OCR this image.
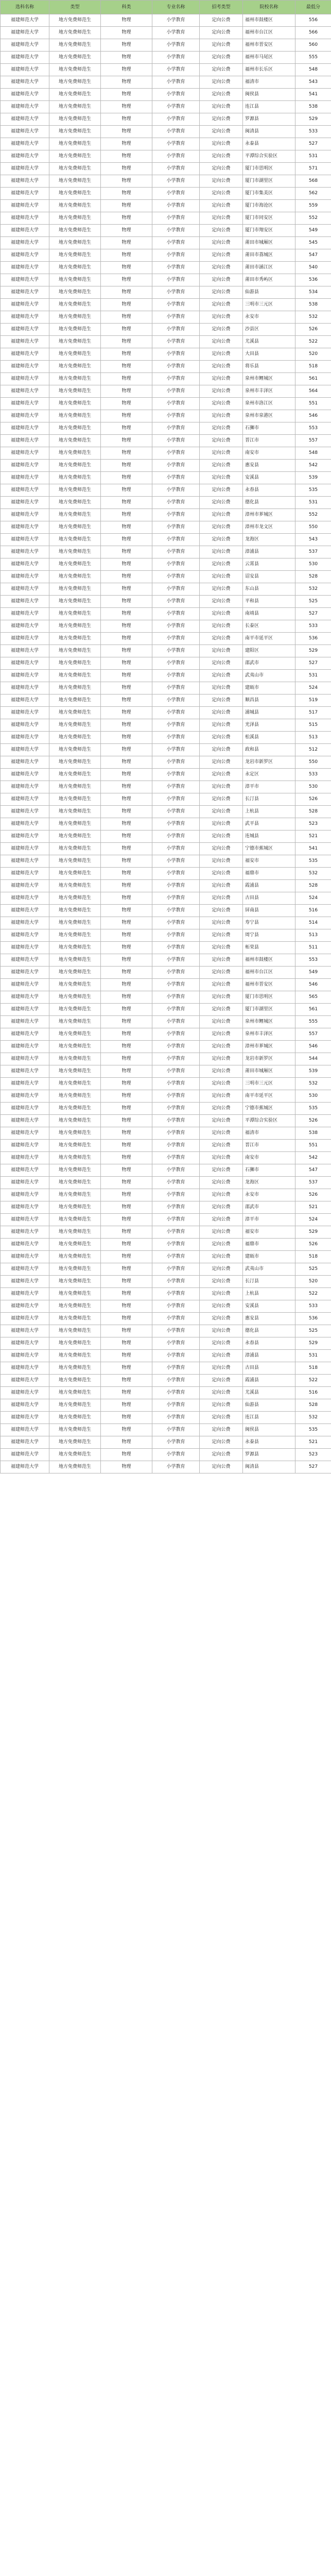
选科名称	类型	科类	专业名称	招考类型	院校名称	最低分
福建师范大学	地方免费师范生	物理	小学教育	定向公费	福州市鼓楼区	556
福建师范大学	地方免费师范生	物理	小学教育	定向公费	福州市台江区	566
福建师范大学	地方免费师范生	物理	小学教育	定向公费	福州市晋安区	560
福建师范大学	地方免费师范生	物理	小学教育	定向公费	福州市马尾区	555
福建师范大学	地方免费师范生	物理	小学教育	定向公费	福州市长乐区	548
福建师范大学	地方免费师范生	物理	小学教育	定向公费	福清市	543
福建师范大学	地方免费师范生	物理	小学教育	定向公费	闽侯县	541
福建师范大学	地方免费师范生	物理	小学教育	定向公费	连江县	538
福建师范大学	地方免费师范生	物理	小学教育	定向公费	罗源县	529
福建师范大学	地方免费师范生	物理	小学教育	定向公费	闽清县	533
福建师范大学	地方免费师范生	物理	小学教育	定向公费	永泰县	527
福建师范大学	地方免费师范生	物理	小学教育	定向公费	平潭综合实验区	531
福建师范大学	地方免费师范生	物理	小学教育	定向公费	厦门市思明区	571
福建师范大学	地方免费师范生	物理	小学教育	定向公费	厦门市湖里区	568
福建师范大学	地方免费师范生	物理	小学教育	定向公费	厦门市集美区	562
福建师范大学	地方免费师范生	物理	小学教育	定向公费	厦门市海沧区	559
福建师范大学	地方免费师范生	物理	小学教育	定向公费	厦门市同安区	552
福建师范大学	地方免费师范生	物理	小学教育	定向公费	厦门市翔安区	549
福建师范大学	地方免费师范生	物理	小学教育	定向公费	莆田市城厢区	545
福建师范大学	地方免费师范生	物理	小学教育	定向公费	莆田市荔城区	547
福建师范大学	地方免费师范生	物理	小学教育	定向公费	莆田市涵江区	540
福建师范大学	地方免费师范生	物理	小学教育	定向公费	莆田市秀屿区	536
福建师范大学	地方免费师范生	物理	小学教育	定向公费	仙游县	534
福建师范大学	地方免费师范生	物理	小学教育	定向公费	三明市三元区	538
福建师范大学	地方免费师范生	物理	小学教育	定向公费	永安市	532
福建师范大学	地方免费师范生	物理	小学教育	定向公费	沙县区	526
福建师范大学	地方免费师范生	物理	小学教育	定向公费	尤溪县	522
福建师范大学	地方免费师范生	物理	小学教育	定向公费	大田县	520
福建师范大学	地方免费师范生	物理	小学教育	定向公费	将乐县	518
福建师范大学	地方免费师范生	物理	小学教育	定向公费	泉州市鲤城区	561
福建师范大学	地方免费师范生	物理	小学教育	定向公费	泉州市丰泽区	564
福建师范大学	地方免费师范生	物理	小学教育	定向公费	泉州市洛江区	551
福建师范大学	地方免费师范生	物理	小学教育	定向公费	泉州市泉港区	546
福建师范大学	地方免费师范生	物理	小学教育	定向公费	石狮市	553
福建师范大学	地方免费师范生	物理	小学教育	定向公费	晋江市	557
福建师范大学	地方免费师范生	物理	小学教育	定向公费	南安市	548
福建师范大学	地方免费师范生	物理	小学教育	定向公费	惠安县	542
福建师范大学	地方免费师范生	物理	小学教育	定向公费	安溪县	539
福建师范大学	地方免费师范生	物理	小学教育	定向公费	永春县	535
福建师范大学	地方免费师范生	物理	小学教育	定向公费	德化县	531
福建师范大学	地方免费师范生	物理	小学教育	定向公费	漳州市芗城区	552
福建师范大学	地方免费师范生	物理	小学教育	定向公费	漳州市龙文区	550
福建师范大学	地方免费师范生	物理	小学教育	定向公费	龙海区	543
福建师范大学	地方免费师范生	物理	小学教育	定向公费	漳浦县	537
福建师范大学	地方免费师范生	物理	小学教育	定向公费	云霄县	530
福建师范大学	地方免费师范生	物理	小学教育	定向公费	诏安县	528
福建师范大学	地方免费师范生	物理	小学教育	定向公费	东山县	532
福建师范大学	地方免费师范生	物理	小学教育	定向公费	平和县	525
福建师范大学	地方免费师范生	物理	小学教育	定向公费	南靖县	527
福建师范大学	地方免费师范生	物理	小学教育	定向公费	长泰区	533
福建师范大学	地方免费师范生	物理	小学教育	定向公费	南平市延平区	536
福建师范大学	地方免费师范生	物理	小学教育	定向公费	建阳区	529
福建师范大学	地方免费师范生	物理	小学教育	定向公费	邵武市	527
福建师范大学	地方免费师范生	物理	小学教育	定向公费	武夷山市	531
福建师范大学	地方免费师范生	物理	小学教育	定向公费	建瓯市	524
福建师范大学	地方免费师范生	物理	小学教育	定向公费	顺昌县	519
福建师范大学	地方免费师范生	物理	小学教育	定向公费	浦城县	517
福建师范大学	地方免费师范生	物理	小学教育	定向公费	光泽县	515
福建师范大学	地方免费师范生	物理	小学教育	定向公费	松溪县	513
福建师范大学	地方免费师范生	物理	小学教育	定向公费	政和县	512
福建师范大学	地方免费师范生	物理	小学教育	定向公费	龙岩市新罗区	550
福建师范大学	地方免费师范生	物理	小学教育	定向公费	永定区	533
福建师范大学	地方免费师范生	物理	小学教育	定向公费	漳平市	530
福建师范大学	地方免费师范生	物理	小学教育	定向公费	长汀县	526
福建师范大学	地方免费师范生	物理	小学教育	定向公费	上杭县	528
福建师范大学	地方免费师范生	物理	小学教育	定向公费	武平县	523
福建师范大学	地方免费师范生	物理	小学教育	定向公费	连城县	521
福建师范大学	地方免费师范生	物理	小学教育	定向公费	宁德市蕉城区	541
福建师范大学	地方免费师范生	物理	小学教育	定向公费	福安市	535
福建师范大学	地方免费师范生	物理	小学教育	定向公费	福鼎市	532
福建师范大学	地方免费师范生	物理	小学教育	定向公费	霞浦县	528
福建师范大学	地方免费师范生	物理	小学教育	定向公费	古田县	524
福建师范大学	地方免费师范生	物理	小学教育	定向公费	屏南县	516
福建师范大学	地方免费师范生	物理	小学教育	定向公费	寿宁县	514
福建师范大学	地方免费师范生	物理	小学教育	定向公费	周宁县	513
福建师范大学	地方免费师范生	物理	小学教育	定向公费	柘荣县	511
福建师范大学	地方免费师范生	物理	小学教育	定向公费	福州市鼓楼区	553
福建师范大学	地方免费师范生	物理	小学教育	定向公费	福州市台江区	549
福建师范大学	地方免费师范生	物理	小学教育	定向公费	福州市晋安区	546
福建师范大学	地方免费师范生	物理	小学教育	定向公费	厦门市思明区	565
福建师范大学	地方免费师范生	物理	小学教育	定向公费	厦门市湖里区	561
福建师范大学	地方免费师范生	物理	小学教育	定向公费	泉州市鲤城区	555
福建师范大学	地方免费师范生	物理	小学教育	定向公费	泉州市丰泽区	557
福建师范大学	地方免费师范生	物理	小学教育	定向公费	漳州市芗城区	546
福建师范大学	地方免费师范生	物理	小学教育	定向公费	龙岩市新罗区	544
福建师范大学	地方免费师范生	物理	小学教育	定向公费	莆田市城厢区	539
福建师范大学	地方免费师范生	物理	小学教育	定向公费	三明市三元区	532
福建师范大学	地方免费师范生	物理	小学教育	定向公费	南平市延平区	530
福建师范大学	地方免费师范生	物理	小学教育	定向公费	宁德市蕉城区	535
福建师范大学	地方免费师范生	物理	小学教育	定向公费	平潭综合实验区	526
福建师范大学	地方免费师范生	物理	小学教育	定向公费	福清市	538
福建师范大学	地方免费师范生	物理	小学教育	定向公费	晋江市	551
福建师范大学	地方免费师范生	物理	小学教育	定向公费	南安市	542
福建师范大学	地方免费师范生	物理	小学教育	定向公费	石狮市	547
福建师范大学	地方免费师范生	物理	小学教育	定向公费	龙海区	537
福建师范大学	地方免费师范生	物理	小学教育	定向公费	永安市	526
福建师范大学	地方免费师范生	物理	小学教育	定向公费	邵武市	521
福建师范大学	地方免费师范生	物理	小学教育	定向公费	漳平市	524
福建师范大学	地方免费师范生	物理	小学教育	定向公费	福安市	529
福建师范大学	地方免费师范生	物理	小学教育	定向公费	福鼎市	526
福建师范大学	地方免费师范生	物理	小学教育	定向公费	建瓯市	518
福建师范大学	地方免费师范生	物理	小学教育	定向公费	武夷山市	525
福建师范大学	地方免费师范生	物理	小学教育	定向公费	长汀县	520
福建师范大学	地方免费师范生	物理	小学教育	定向公费	上杭县	522
福建师范大学	地方免费师范生	物理	小学教育	定向公费	安溪县	533
福建师范大学	地方免费师范生	物理	小学教育	定向公费	惠安县	536
福建师范大学	地方免费师范生	物理	小学教育	定向公费	德化县	525
福建师范大学	地方免费师范生	物理	小学教育	定向公费	永春县	529
福建师范大学	地方免费师范生	物理	小学教育	定向公费	漳浦县	531
福建师范大学	地方免费师范生	物理	小学教育	定向公费	古田县	518
福建师范大学	地方免费师范生	物理	小学教育	定向公费	霞浦县	522
福建师范大学	地方免费师范生	物理	小学教育	定向公费	尤溪县	516
福建师范大学	地方免费师范生	物理	小学教育	定向公费	仙游县	528
福建师范大学	地方免费师范生	物理	小学教育	定向公费	连江县	532
福建师范大学	地方免费师范生	物理	小学教育	定向公费	闽侯县	535
福建师范大学	地方免费师范生	物理	小学教育	定向公费	永泰县	521
福建师范大学	地方免费师范生	物理	小学教育	定向公费	罗源县	523
福建师范大学	地方免费师范生	物理	小学教育	定向公费	闽清县	527
